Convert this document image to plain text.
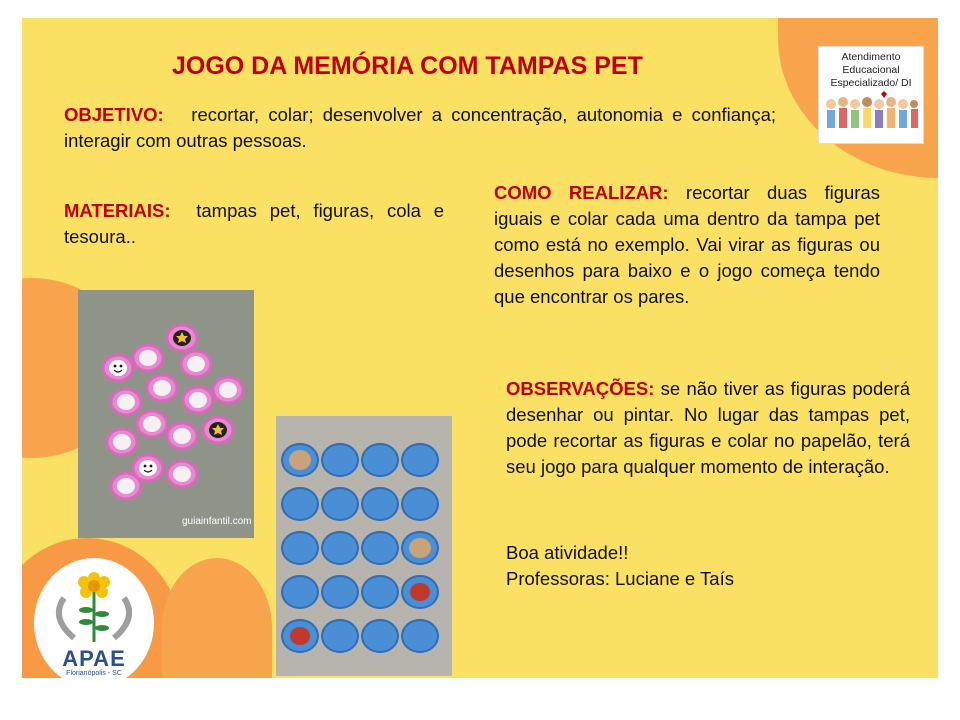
JOGO DA MEMÓRIA COM TAMPAS PET	Atendimento Educacional Especializado/ DI

OBJETIVO: recortar, colar; desenvolver a concentração, autonomia e confiança; interagir com outras pessoas.

MATERIAIS: tampas pet, figuras, cola e tesoura..

COMO REALIZAR: recortar duas figuras iguais e colar cada uma dentro da tampa pet como está no exemplo. Vai virar as figuras ou desenhos para baixo e o jogo começa tendo que encontrar os pares.

OBSERVAÇÕES: se não tiver as figuras poderá desenhar ou pintar. No lugar das tampas pet, pode recortar as figuras e colar no papelão, terá seu jogo para qualquer momento de interação.

Boa atividade!!
Professoras: Luciane e Taís

guiainfantil.com
APAE
Florianópolis - SC
